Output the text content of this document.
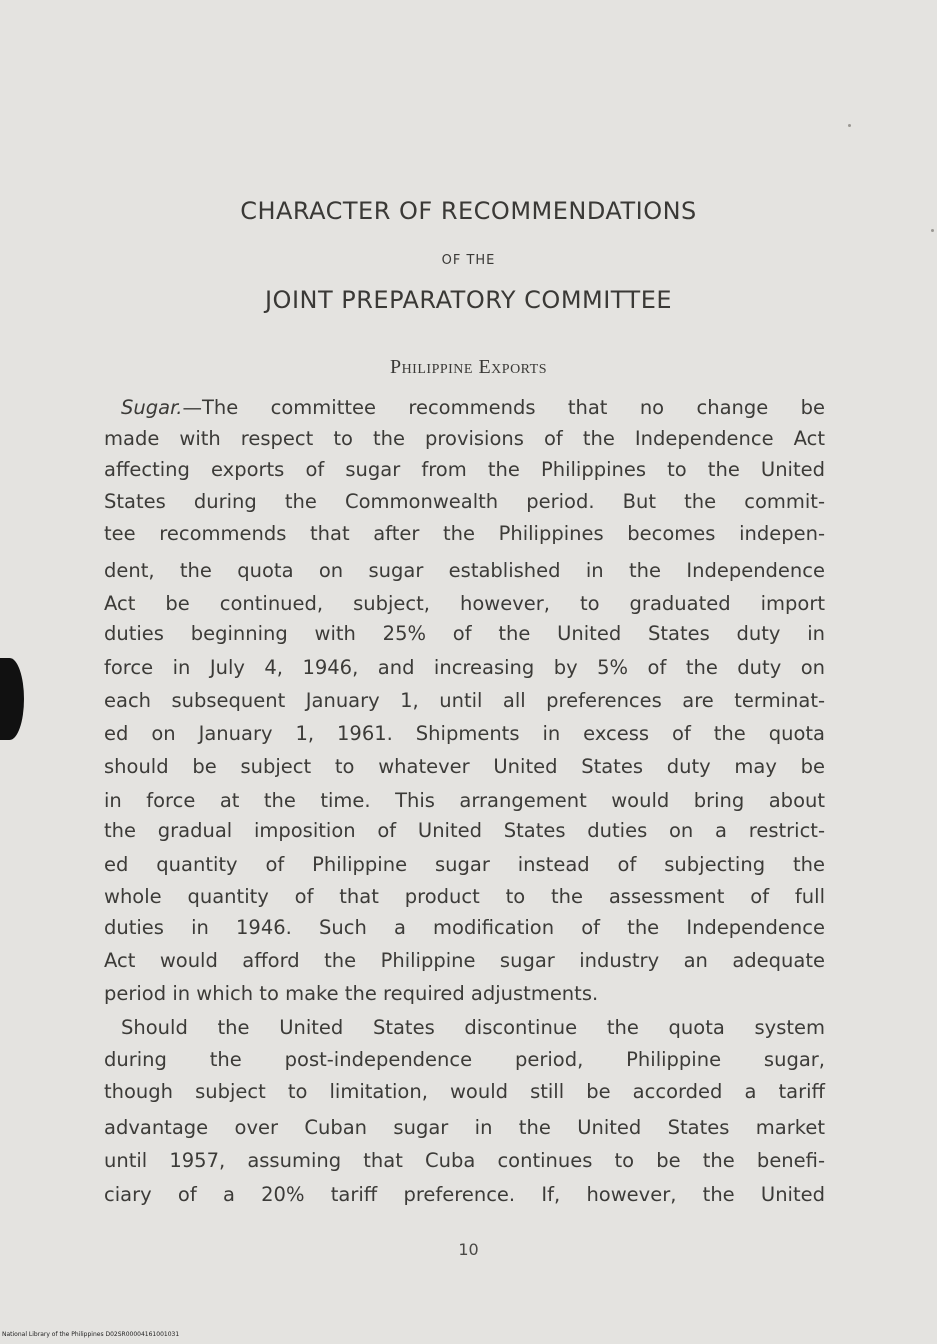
CHARACTER OF RECOMMENDATIONS
OF THE
JOINT PREPARATORY COMMITTEE
Philippine Exports
Sugar.—The committee recommends that no change be
made with respect to the provisions of the Independence Act
affecting exports of sugar from the Philippines to the United
States during the Commonwealth period. But the commit-
tee recommends that after the Philippines becomes indepen-
dent, the quota on sugar established in the Independence
Act be continued, subject, however, to graduated import
duties beginning with 25% of the United States duty in
force in July 4, 1946, and increasing by 5% of the duty on
each subsequent January 1, until all preferences are terminat-
ed on January 1, 1961. Shipments in excess of the quota
should be subject to whatever United States duty may be
in force at the time. This arrangement would bring about
the gradual imposition of United States duties on a restrict-
ed quantity of Philippine sugar instead of subjecting the
whole quantity of that product to the assessment of full
duties in 1946. Such a modification of the Independence
Act would afford the Philippine sugar industry an adequate
period in which to make the required adjustments.
Should the United States discontinue the quota system
during the post-independence period, Philippine sugar,
though subject to limitation, would still be accorded a tariff
advantage over Cuban sugar in the United States market
until 1957, assuming that Cuba continues to be the benefi-
ciary of a 20% tariff preference. If, however, the United
10
National Library of the Philippines D02SR00004161001031
